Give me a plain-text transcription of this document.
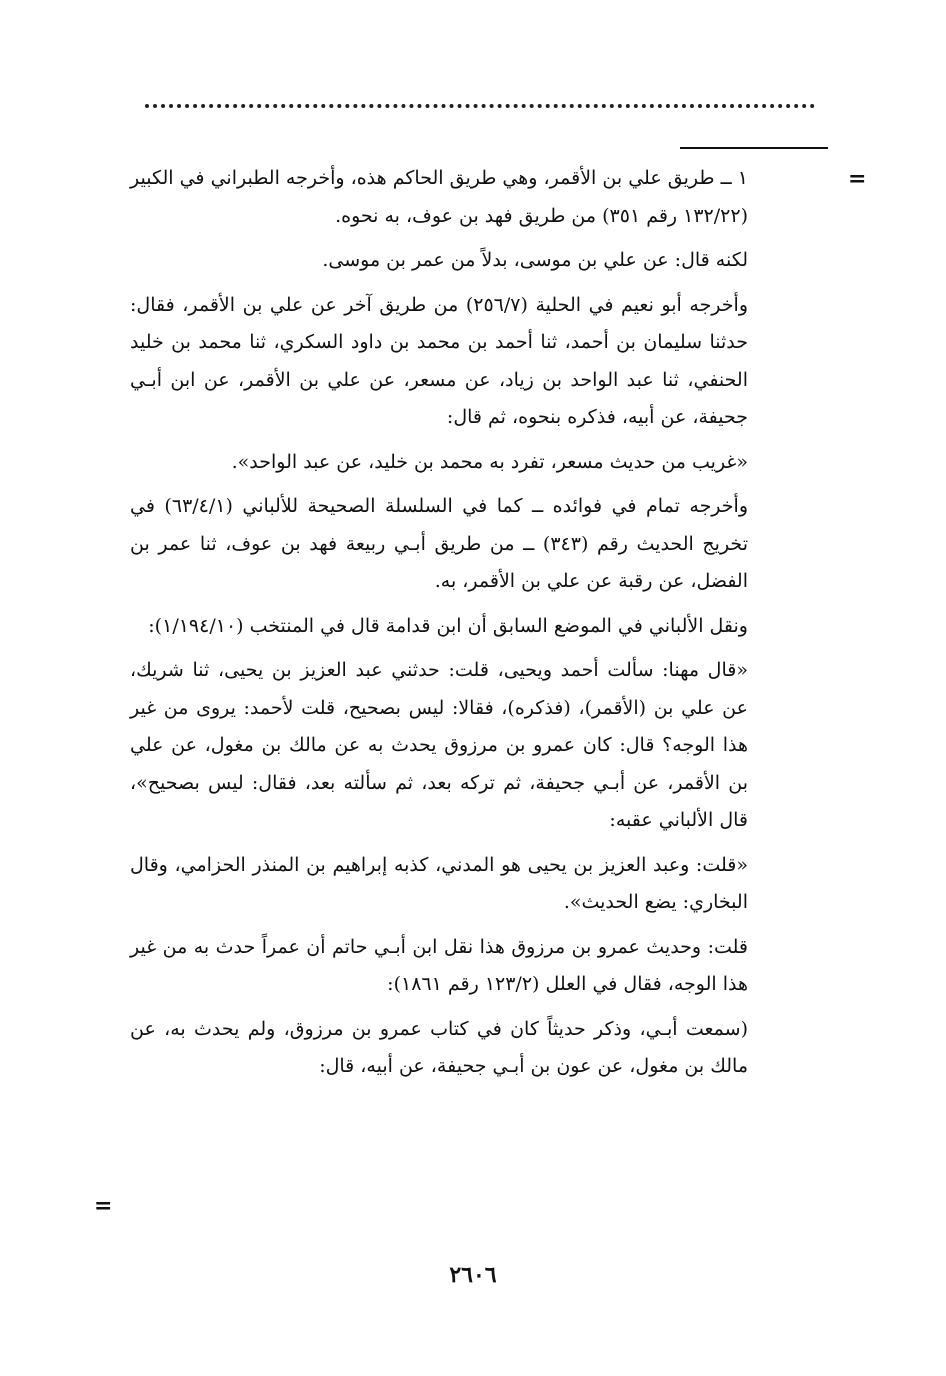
=
=

١ ــ طريق علي بن الأقمر، وهي طريق الحاكم هذه، وأخرجه الطبراني في الكبير (١٣٢/٢٢ رقم ٣٥١) من طريق فهد بن عوف، به نحوه.

لكنه قال: عن علي بن موسى، بدلاً من عمر بن موسى.

وأخرجه أبو نعيم في الحلية (٢٥٦/٧) من طريق آخر عن علي بن الأقمر، فقال: حدثنا سليمان بن أحمد، ثنا أحمد بن محمد بن داود السكري، ثنا محمد بن خليد الحنفي، ثنا عبد الواحد بن زياد، عن مسعر، عن علي بن الأقمر، عن ابن أبـي جحيفة، عن أبيه، فذكره بنحوه، ثم قال:

«غريب من حديث مسعر، تفرد به محمد بن خليد، عن عبد الواحد».

وأخرجه تمام في فوائده ــ كما في السلسلة الصحيحة للألباني (٦٣/٤/١) في تخريج الحديث رقم (٣٤٣) ــ من طريق أبـي ربيعة فهد بن عوف، ثنا عمر بن الفضل، عن رقبة عن علي بن الأقمر، به.

ونقل الألباني في الموضع السابق أن ابن قدامة قال في المنتخب (١/١٩٤/١٠):

«قال مهنا: سألت أحمد ويحيى، قلت: حدثني عبد العزيز بن يحيى، ثنا شريك، عن علي بن (الأقمر)، (فذكره)، فقالا: ليس بصحيح، قلت لأحمد: يروى من غير هذا الوجه؟ قال: كان عمرو بن مرزوق يحدث به عن مالك بن مغول، عن علي بن الأقمر، عن أبـي جحيفة، ثم تركه بعد، ثم سألته بعد، فقال: ليس بصحيح»، قال الألباني عقبه:

«قلت: وعبد العزيز بن يحيى هو المدني، كذبه إبراهيم بن المنذر الحزامي، وقال البخاري: يضع الحديث».

قلت: وحديث عمرو بن مرزوق هذا نقل ابن أبـي حاتم أن عمراً حدث به من غير هذا الوجه، فقال في العلل (١٢٣/٢ رقم ١٨٦١):

(سمعت أبـي، وذكر حديثاً كان في كتاب عمرو بن مرزوق، ولم يحدث به، عن مالك بن مغول، عن عون بن أبـي جحيفة، عن أبيه، قال:

٢٦٠٦
